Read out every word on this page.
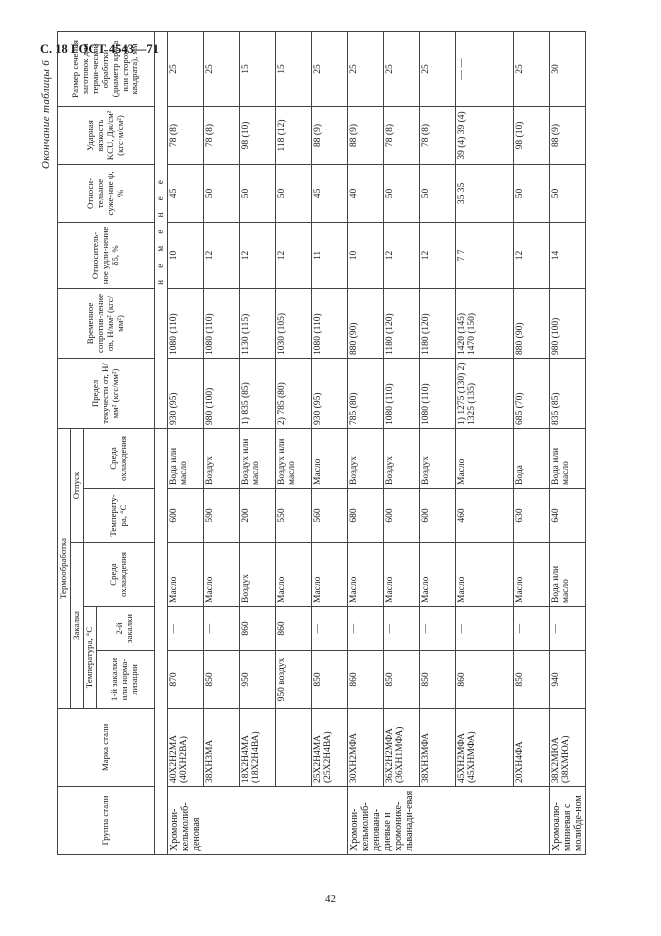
С. 18 ГОСТ 4543—71
Окончание таблицы 6
Группа стали	Марка стали	Термообработка					Предел текучести σт, Н/мм² (кгс/мм²)	Временное сопротив-ление σв, Н/мм² (кгс/мм²)	Относитель-ное удли-нение δ5, %	Относи-тельное суже-ние ψ, %	Ударная вязкость KCU, Дж/см² (кгс·м/см²)	Размер сечения заготовок для терми-ческой обработки (диаметр круга или сторона квадрата), мм
		Закалка			Отпуск							
		Температура, °С		Среда охлаждения	Температу-ра, °С	Среда охлаждения						
		1-й закалки или норма-лизации	2-й закалки									
							н е м е н е е					
Хромони-кельмолиб-деновая	40Х2Н2МА (40ХН2ВА)	870	—	Масло	600	Вода или масло	930 (95)	1080 (110)	10	45	78 (8)	25
	38ХН3МА	850	—	Масло	590	Воздух	980 (100)	1080 (110)	12	50	78 (8)	25
	18Х2Н4МА (18Х2Н4ВА)	950	860	Воздух	200	Воздух или масло	1) 835 (85)	1130 (115)	12	50	98 (10)	15
		950 воздух	860	Масло	550	Воздух или масло	2) 785 (80)	1030 (105)	12	50	118 (12)	15
	25Х2Н4МА (25Х2Н4ВА)	850	—	Масло	560	Масло	930 (95)	1080 (110)	11	45	88 (9)	25
Хромони-кельмолиб-денована-диевые и хромонике-льванади-евая	30ХН2МФА	860	—	Масло	680	Воздух	785 (80)	880 (90)	10	40	88 (9)	25
	36Х2Н2МФА (36ХН1МФА)	850	—	Масло	600	Воздух	1080 (110)	1180 (120)	12	50	78 (8)	25
	38ХН3МФА	850	—	Масло	600	Воздух	1080 (110)	1180 (120)	12	50	78 (8)	25
	45ХН2МФА (45ХНМФА)	860	—	Масло	460	Масло	1) 1275 (130) 2) 1325 (135)	1420 (145) 1470 (150)	7 7	35 35	39 (4) 39 (4)	— —
	20ХН4ФА	850	—	Масло	630	Вода	685 (70)	880 (90)	12	50	98 (10)	25
Хромоалю-миниевая с молибде-ном	38Х2МЮА (38ХМЮА)	940	—	Вода или масло	640	Вода или масло	835 (85)	980 (100)	14	50	88 (9)	30
42
